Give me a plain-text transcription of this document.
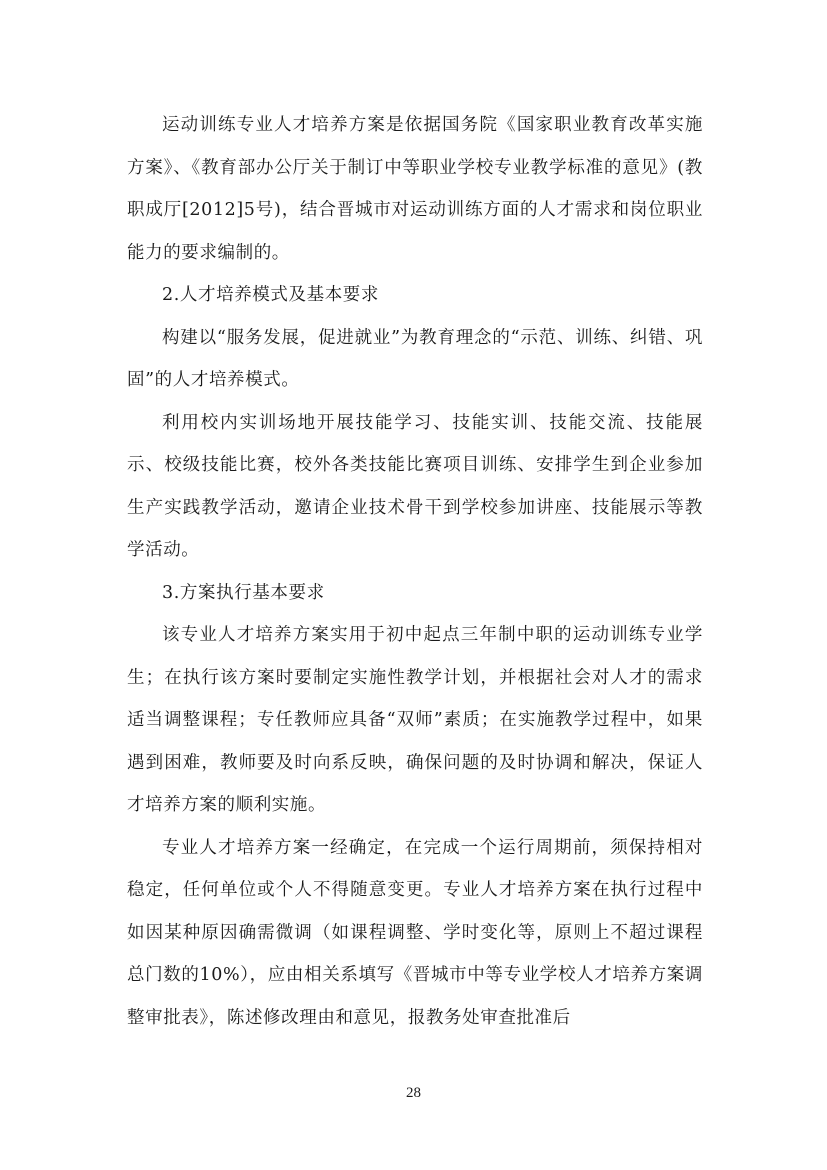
运动训练专业人才培养方案是依据国务院《国家职业教育改革实施方案》、《教育部办公厅关于制订中等职业学校专业教学标准的意见》(教职成厅[2012]5号)，结合晋城市对运动训练方面的人才需求和岗位职业能力的要求编制的。

2.人才培养模式及基本要求

构建以“服务发展，促进就业”为教育理念的“示范、训练、纠错、巩固”的人才培养模式。

利用校内实训场地开展技能学习、技能实训、技能交流、技能展示、校级技能比赛，校外各类技能比赛项目训练、安排学生到企业参加生产实践教学活动，邀请企业技术骨干到学校参加讲座、技能展示等教学活动。

3.方案执行基本要求

该专业人才培养方案实用于初中起点三年制中职的运动训练专业学生；在执行该方案时要制定实施性教学计划，并根据社会对人才的需求适当调整课程；专任教师应具备“双师”素质；在实施教学过程中，如果遇到困难，教师要及时向系反映，确保问题的及时协调和解决，保证人才培养方案的顺利实施。

专业人才培养方案一经确定，在完成一个运行周期前，须保持相对稳定，任何单位或个人不得随意变更。专业人才培养方案在执行过程中如因某种原因确需微调（如课程调整、学时变化等，原则上不超过课程总门数的10%），应由相关系填写《晋城市中等专业学校人才培养方案调整审批表》，陈述修改理由和意见，报教务处审查批准后

28
